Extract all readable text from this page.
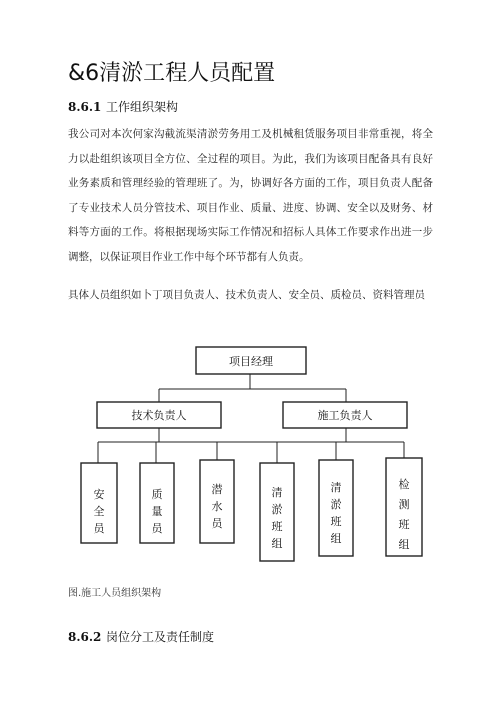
&6清淤工程人员配置
8.6.1 工作组织架构
我公司对本次何家沟截流渠清淤劳务用工及机械租赁服务项目非常重视，将全力以赴组织该项目全方位、全过程的项目。为此，我们为该项目配备具有良好业务素质和管理经验的管理班了。为，协调好各方面的工作，项目负责人配备了专业技术人员分管技术、项目作业、质量、进度、协调、安全以及财务、材料等方面的工作。将根据现场实际工作情况和招标人具体工作要求作出进一步调整，以保证项目作业工作中每个环节都有人负责。
具体人员组织如卜丁项目负责人、技术负责人、安全员、质检员、资料管理员
项目经理
技术负责人	施工负责人
安全员
质量员
潜水员
清淤班组
清淤班组
检测班组
图.施工人员组织架构
8.6.2 岗位分工及责任制度
